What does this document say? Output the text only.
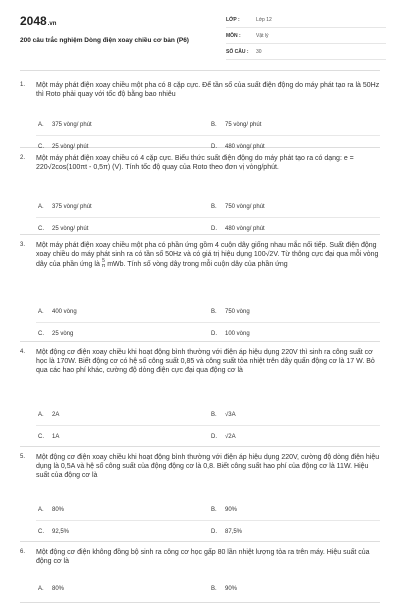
2048.vn
200 câu trắc nghiệm Dòng điện xoay chiều cơ bản (P6)
LỚP :	Lớp 12
MÔN :	Vật lý
SỐ CÂU : 30
1.	Một máy phát điện xoay chiều một pha có 8 cặp cực. Để tần số của suất điện động do máy phát tạo ra là 50Hz thì Roto phải quay với tốc độ bằng bao nhiêu
A.	375 vòng/ phút	B.	75 vòng/ phút
C.	25 vòng/ phút	D.	480 vòng/ phút
2.	Một máy phát điện xoay chiều có 4 cặp cực. Biểu thức suất điện động do máy phát tạo ra có dạng: e = 220√2cos(100πt - 0,5π) (V). Tính tốc độ quay của Roto theo đơn vị vòng/phút.
A.	375 vòng/ phút	B.	750 vòng/ phút
C.	25 vòng/ phút	D.	480 vòng/ phút
3.	Một máy phát điện xoay chiều một pha có phần ứng gồm 4 cuộn dây giống nhau mắc nối tiếp. Suất điện động xoay chiều do máy phát sinh ra có tần số 50Hz và có giá trị hiệu dụng 100√2V. Từ thông cực đại qua mỗi vòng dây của phần ứng là 5
π mWb. Tính số vòng dây trong mỗi cuộn dây của phần ứng
A.	400 vòng	B.	750 vòng
C.	25 vòng	D.	100 vòng
4.	Một động cơ điện xoay chiều khi hoạt động bình thường với điện áp hiệu dụng 220V thì sinh ra công suất cơ học là 170W. Biết động cơ có hệ số công suất 0,85 và công suất tỏa nhiệt trên dây quấn động cơ là 17 W. Bỏ qua các hao phí khác, cường độ dòng điện cực đại qua động cơ là
A.	2A	B.	√3A
C.	1A	D.	√2A
5.	Một động cơ điện xoay chiều khi hoạt động bình thường với điện áp hiệu dụng 220V, cường độ dòng điện hiệu dụng là 0,5A và hệ số công suất của động động cơ là 0,8. Biết công suất hao phí của động cơ là 11W. Hiệu suất của động cơ là
A.	80%	B.	90%
C.	92,5%	D.	87,5%
6.	Một động cơ điện không đồng bộ sinh ra công cơ học gấp 80 lần nhiệt lượng tỏa ra trên máy. Hiệu suất của động cơ là
A.	80%	B.	90%
